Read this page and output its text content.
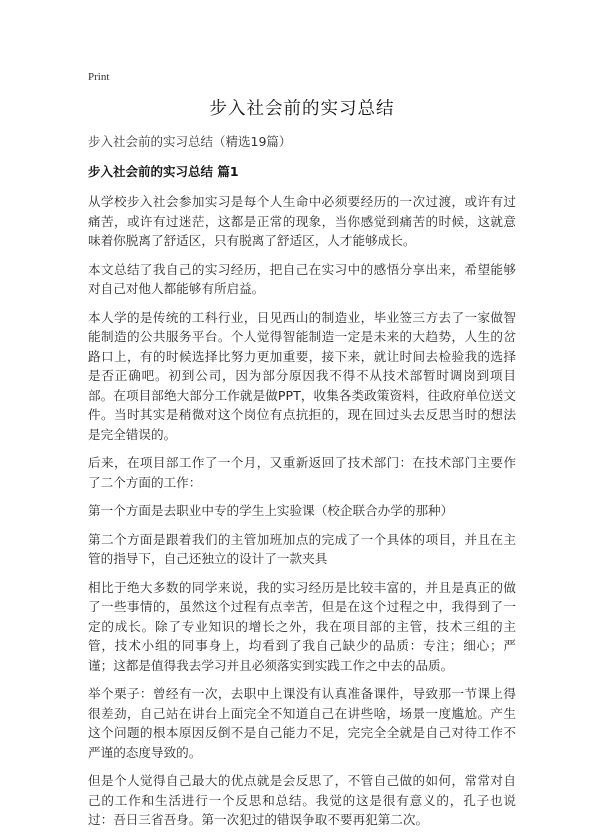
Print
步入社会前的实习总结
步入社会前的实习总结（精选19篇）
步入社会前的实习总结 篇1

从学校步入社会参加实习是每个人生命中必须要经历的一次过渡，或许有过痛苦，或许有过迷茫，这都是正常的现象，当你感觉到痛苦的时候，这就意味着你脱离了舒适区，只有脱离了舒适区，人才能够成长。

本文总结了我自己的实习经历，把自己在实习中的感悟分享出来，希望能够对自己对他人都能够有所启益。

本人学的是传统的工科行业，日见西山的制造业，毕业签三方去了一家做智能制造的公共服务平台。个人觉得智能制造一定是未来的大趋势，人生的岔路口上，有的时候选择比努力更加重要，接下来，就让时间去检验我的选择是否正确吧。初到公司，因为部分原因我不得不从技术部暂时调岗到项目部。在项目部绝大部分工作就是做PPT，收集各类政策资料，往政府单位送文件。当时其实是稍微对这个岗位有点抗拒的，现在回过头去反思当时的想法是完全错误的。

后来，在项目部工作了一个月，又重新返回了技术部门：在技术部门主要作了二个方面的工作：

第一个方面是去职业中专的学生上实验课（校企联合办学的那种）

第二个方面是跟着我们的主管加班加点的完成了一个具体的项目，并且在主管的指导下，自己还独立的设计了一款夹具

相比于绝大多数的同学来说，我的实习经历是比较丰富的，并且是真正的做了一些事情的，虽然这个过程有点幸苦，但是在这个过程之中，我得到了一定的成长。除了专业知识的增长之外，我在项目部的主管，技术三组的主管，技术小组的同事身上，均看到了我自己缺少的品质：专注；细心；严谨；这都是值得我去学习并且必须落实到实践工作之中去的品质。

举个栗子：曾经有一次，去职中上课没有认真准备课件，导致那一节课上得很差劲，自己站在讲台上面完全不知道自己在讲些啥，场景一度尴尬。产生这个问题的根本原因反倒不是自己能力不足，完完全全就是自己对待工作不严谨的态度导致的。

但是个人觉得自己最大的优点就是会反思了，不管自己做的如何，常常对自己的工作和生活进行一个反思和总结。我觉的这是很有意义的，孔子也说过：吾日三省吾身。第一次犯过的错误争取不要再犯第二次。
